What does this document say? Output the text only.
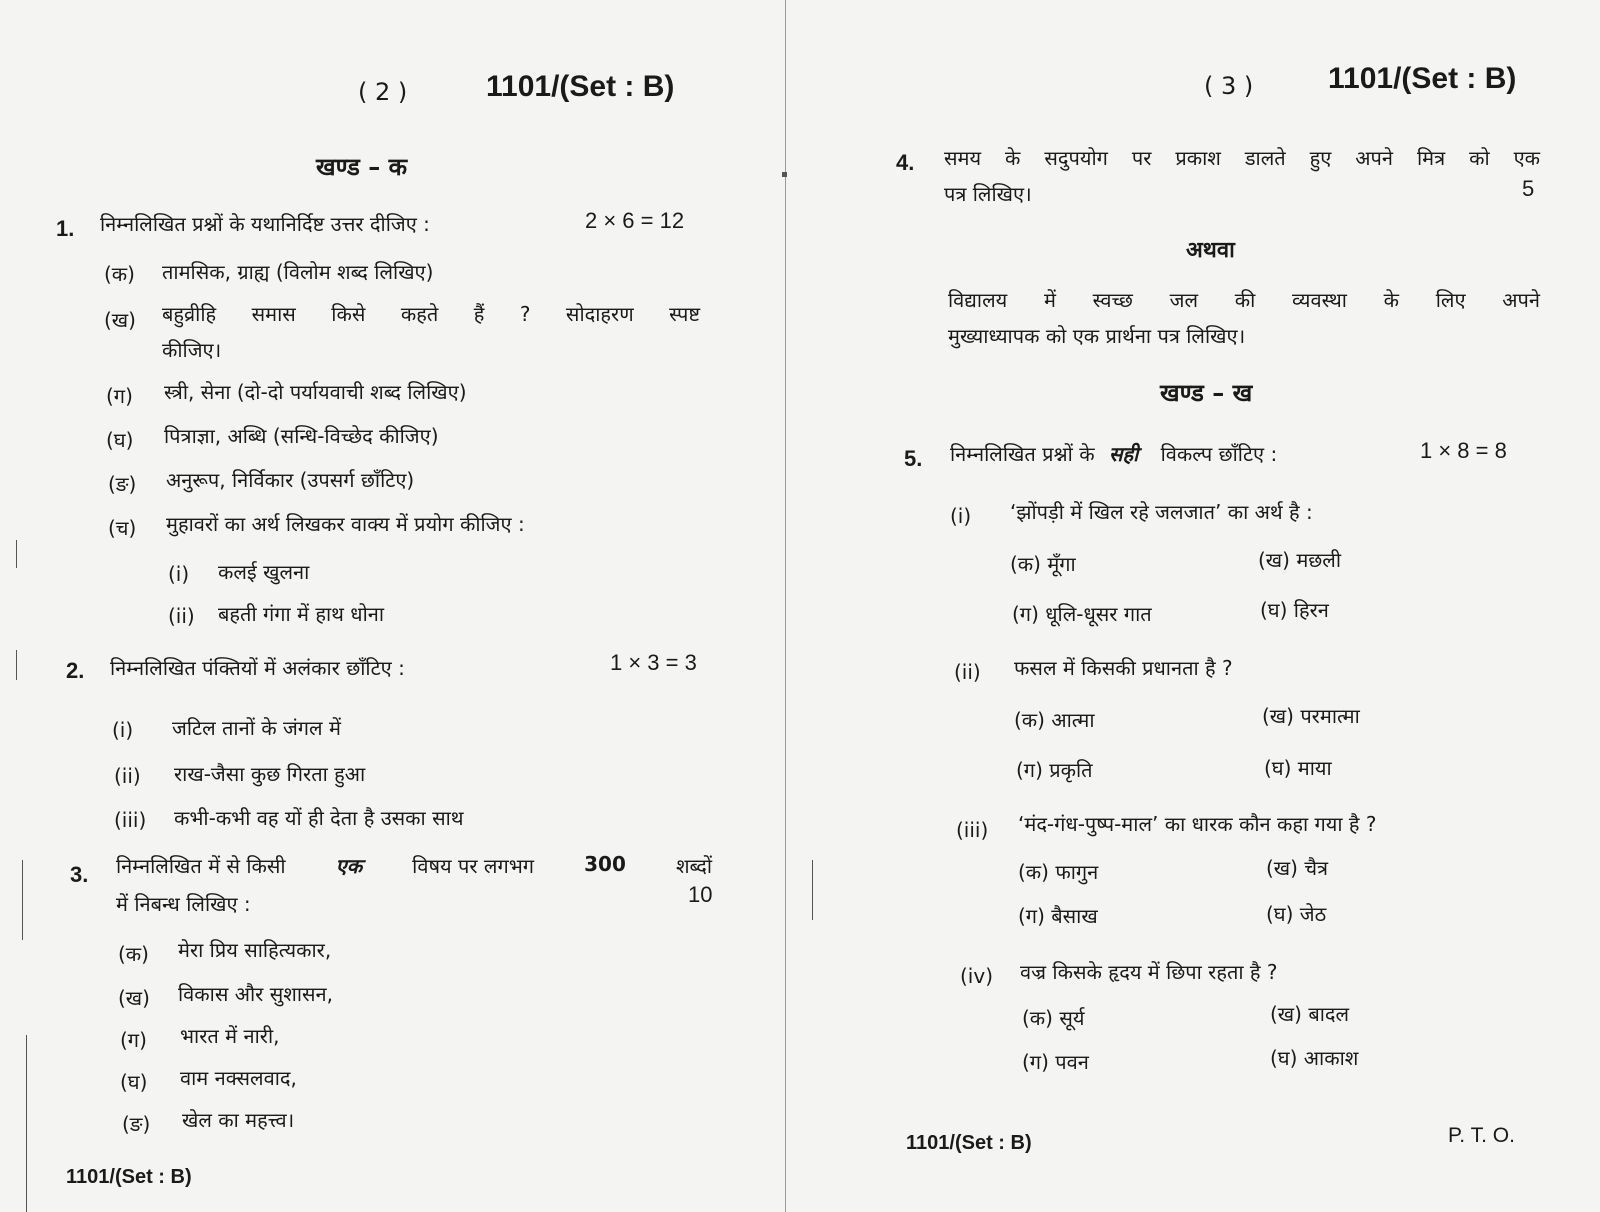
( 2 )	1101/(Set : B)
खण्ड – क
1. निम्नलिखित प्रश्नों के यथानिर्दिष्ट उत्तर दीजिए :	2 × 6 = 12
(क) तामसिक, ग्राह्य (विलोम शब्द लिखिए)
(ख) बहुव्रीहि समास किसे कहते हैं ? सोदाहरण स्पष्ट
कीजिए।
(ग) स्त्री, सेना (दो-दो पर्यायवाची शब्द लिखिए)
(घ) पित्राज्ञा, अब्धि (सन्धि-विच्छेद कीजिए)
(ङ) अनुरूप, निर्विकार (उपसर्ग छाँटिए)
(च) मुहावरों का अर्थ लिखकर वाक्य में प्रयोग कीजिए :
(i) कलई खुलना
(ii) बहती गंगा में हाथ धोना
2. निम्नलिखित पंक्तियों में अलंकार छाँटिए :	1 × 3 = 3
(i) जटिल तानों के जंगल में
(ii) राख-जैसा कुछ गिरता हुआ
(iii) कभी-कभी वह यों ही देता है उसका साथ
3. निम्नलिखित में से किसी	एक	विषय पर लगभग	300	शब्दों
में निबन्ध लिखिए :	10
(क) मेरा प्रिय साहित्यकार,
(ख) विकास और सुशासन,
(ग) भारत में नारी,
(घ) वाम नक्सलवाद,
(ङ) खेल का महत्त्व।
1101/(Set : B)
( 3 ) 1101/(Set : B)
4. समय के सदुपयोग पर प्रकाश डालते हुए अपने मित्र को एक
पत्र लिखिए।	5
अथवा
विद्यालय में स्वच्छ जल की व्यवस्था के लिए अपने
मुख्याध्यापक को एक प्रार्थना पत्र लिखिए।
खण्ड – ख
5. निम्नलिखित प्रश्नों के सही विकल्प छाँटिए :	1 × 8 = 8
(i) ‘झोंपड़ी में खिल रहे जलजात’ का अर्थ है :
(क) मूँगा	(ख) मछली
(ग) धूलि-धूसर गात	(घ) हिरन
(ii) फसल में किसकी प्रधानता है ?
(क) आत्मा	(ख) परमात्मा
(ग) प्रकृति	(घ) माया
(iii) ‘मंद-गंध-पुष्प-माल’ का धारक कौन कहा गया है ?
(क) फागुन	(ख) चैत्र
(ग) बैसाख	(घ) जेठ
(iv) वज्र किसके हृदय में छिपा रहता है ?
(क) सूर्य	(ख) बादल
(ग) पवन	(घ) आकाश
1101/(Set : B)	P. T. O.
